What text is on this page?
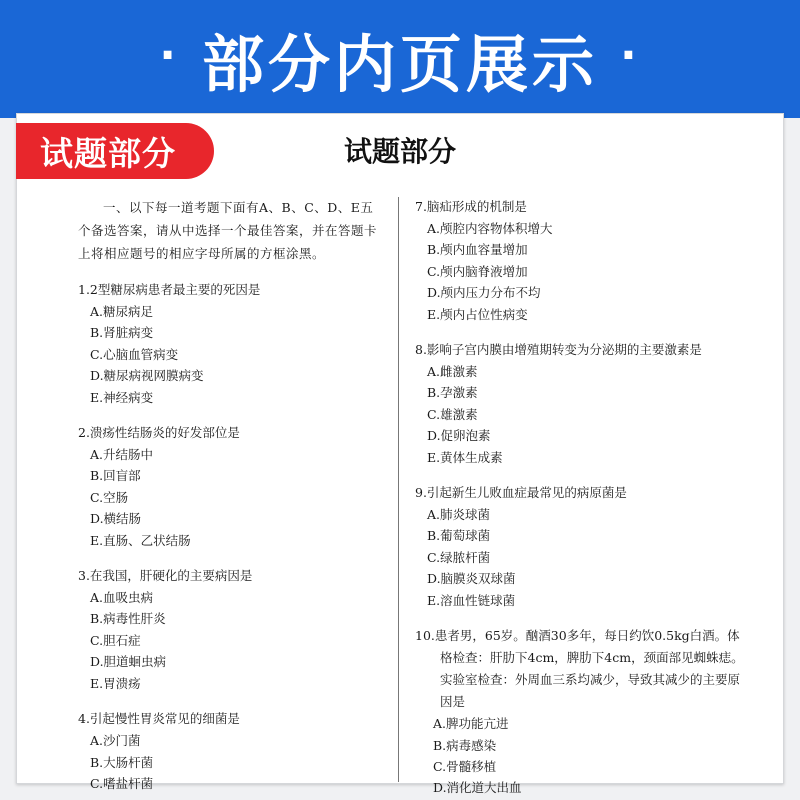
· 部分内页展示 ·
试题部分	试题部分

一、以下每一道考题下面有A、B、C、D、E五个备选答案，请从中选择一个最佳答案，并在答题卡上将相应题号的相应字母所属的方框涂黑。

1.2型糖尿病患者最主要的死因是
A.糖尿病足
B.肾脏病变
C.心脑血管病变
D.糖尿病视网膜病变
E.神经病变
2.溃疡性结肠炎的好发部位是
A.升结肠中
B.回盲部
C.空肠
D.横结肠
E.直肠、乙状结肠
3.在我国，肝硬化的主要病因是
A.血吸虫病
B.病毒性肝炎
C.胆石症
D.胆道蛔虫病
E.胃溃疡
4.引起慢性胃炎常见的细菌是
A.沙门菌
B.大肠杆菌
C.嗜盐杆菌
7.脑疝形成的机制是
A.颅腔内容物体积增大
B.颅内血容量增加
C.颅内脑脊液增加
D.颅内压力分布不均
E.颅内占位性病变
8.影响子宫内膜由增殖期转变为分泌期的主要激素是
A.雌激素
B.孕激素
C.雄激素
D.促卵泡素
E.黄体生成素
9.引起新生儿败血症最常见的病原菌是
A.肺炎球菌
B.葡萄球菌
C.绿脓杆菌
D.脑膜炎双球菌
E.溶血性链球菌
10.患者男，65岁。酗酒30多年，每日约饮0.5kg白酒。体格检查：肝肋下4cm，脾肋下4cm，颈面部见蜘蛛痣。实验室检查：外周血三系均减少，导致其减少的主要原因是
A.脾功能亢进
B.病毒感染
C.骨髓移植
D.消化道大出血
